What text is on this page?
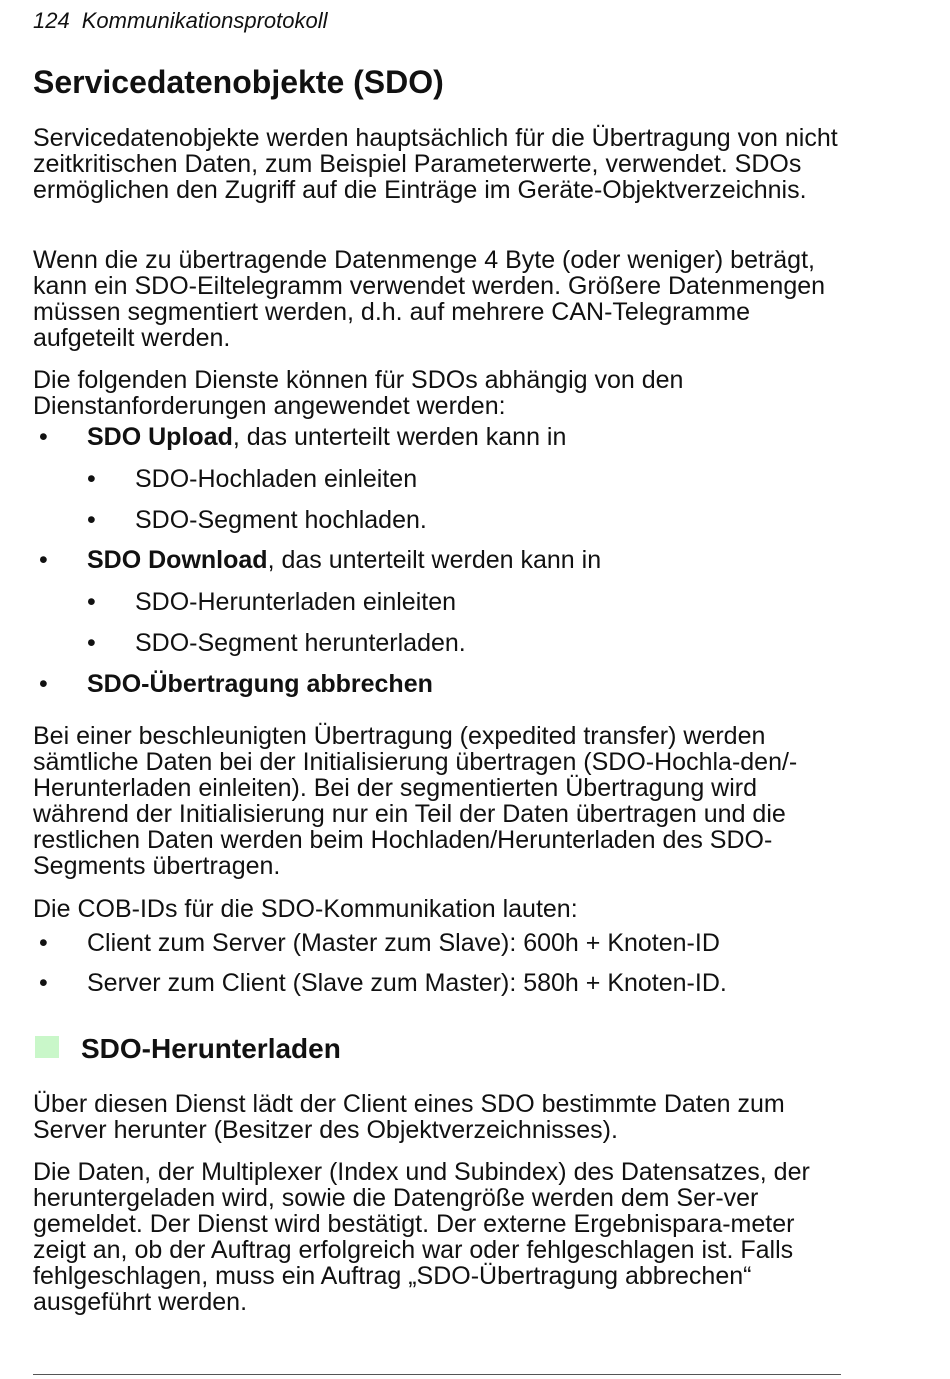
124 Kommunikationsprotokoll
Servicedatenobjekte (SDO)

Servicedatenobjekte werden hauptsächlich für die Übertragung von nicht zeitkritischen Daten, zum Beispiel Parameterwerte, verwendet. SDOs ermöglichen den Zugriff auf die Einträge im Geräte-Objektverzeichnis.

Wenn die zu übertragende Datenmenge 4 Byte (oder weniger) beträgt, kann ein SDO-Eiltelegramm verwendet werden. Größere Datenmengen müssen segmentiert werden, d.h. auf mehrere CAN-Telegramme aufgeteilt werden.

Die folgenden Dienste können für SDOs abhängig von den Dienstanforderungen angewendet werden:

• SDO Upload, das unterteilt werden kann in
• SDO-Hochladen einleiten
• SDO-Segment hochladen.
• SDO Download, das unterteilt werden kann in
• SDO-Herunterladen einleiten
• SDO-Segment herunterladen.
• SDO-Übertragung abbrechen

Bei einer beschleunigten Übertragung (expedited transfer) werden sämtliche Daten bei der Initialisierung übertragen (SDO-Hochla-den/-Herunterladen einleiten). Bei der segmentierten Übertragung wird während der Initialisierung nur ein Teil der Daten übertragen und die restlichen Daten werden beim Hochladen/Herunterladen des SDO-Segments übertragen.

Die COB-IDs für die SDO-Kommunikation lauten:

• Client zum Server (Master zum Slave): 600h + Knoten-ID
• Server zum Client (Slave zum Master): 580h + Knoten-ID.
SDO-Herunterladen

Über diesen Dienst lädt der Client eines SDO bestimmte Daten zum Server herunter (Besitzer des Objektverzeichnisses).

Die Daten, der Multiplexer (Index und Subindex) des Datensatzes, der heruntergeladen wird, sowie die Datengröße werden dem Ser-ver gemeldet. Der Dienst wird bestätigt. Der externe Ergebnispara-meter zeigt an, ob der Auftrag erfolgreich war oder fehlgeschlagen ist. Falls fehlgeschlagen, muss ein Auftrag „SDO-Übertragung abbrechen“ ausgeführt werden.
